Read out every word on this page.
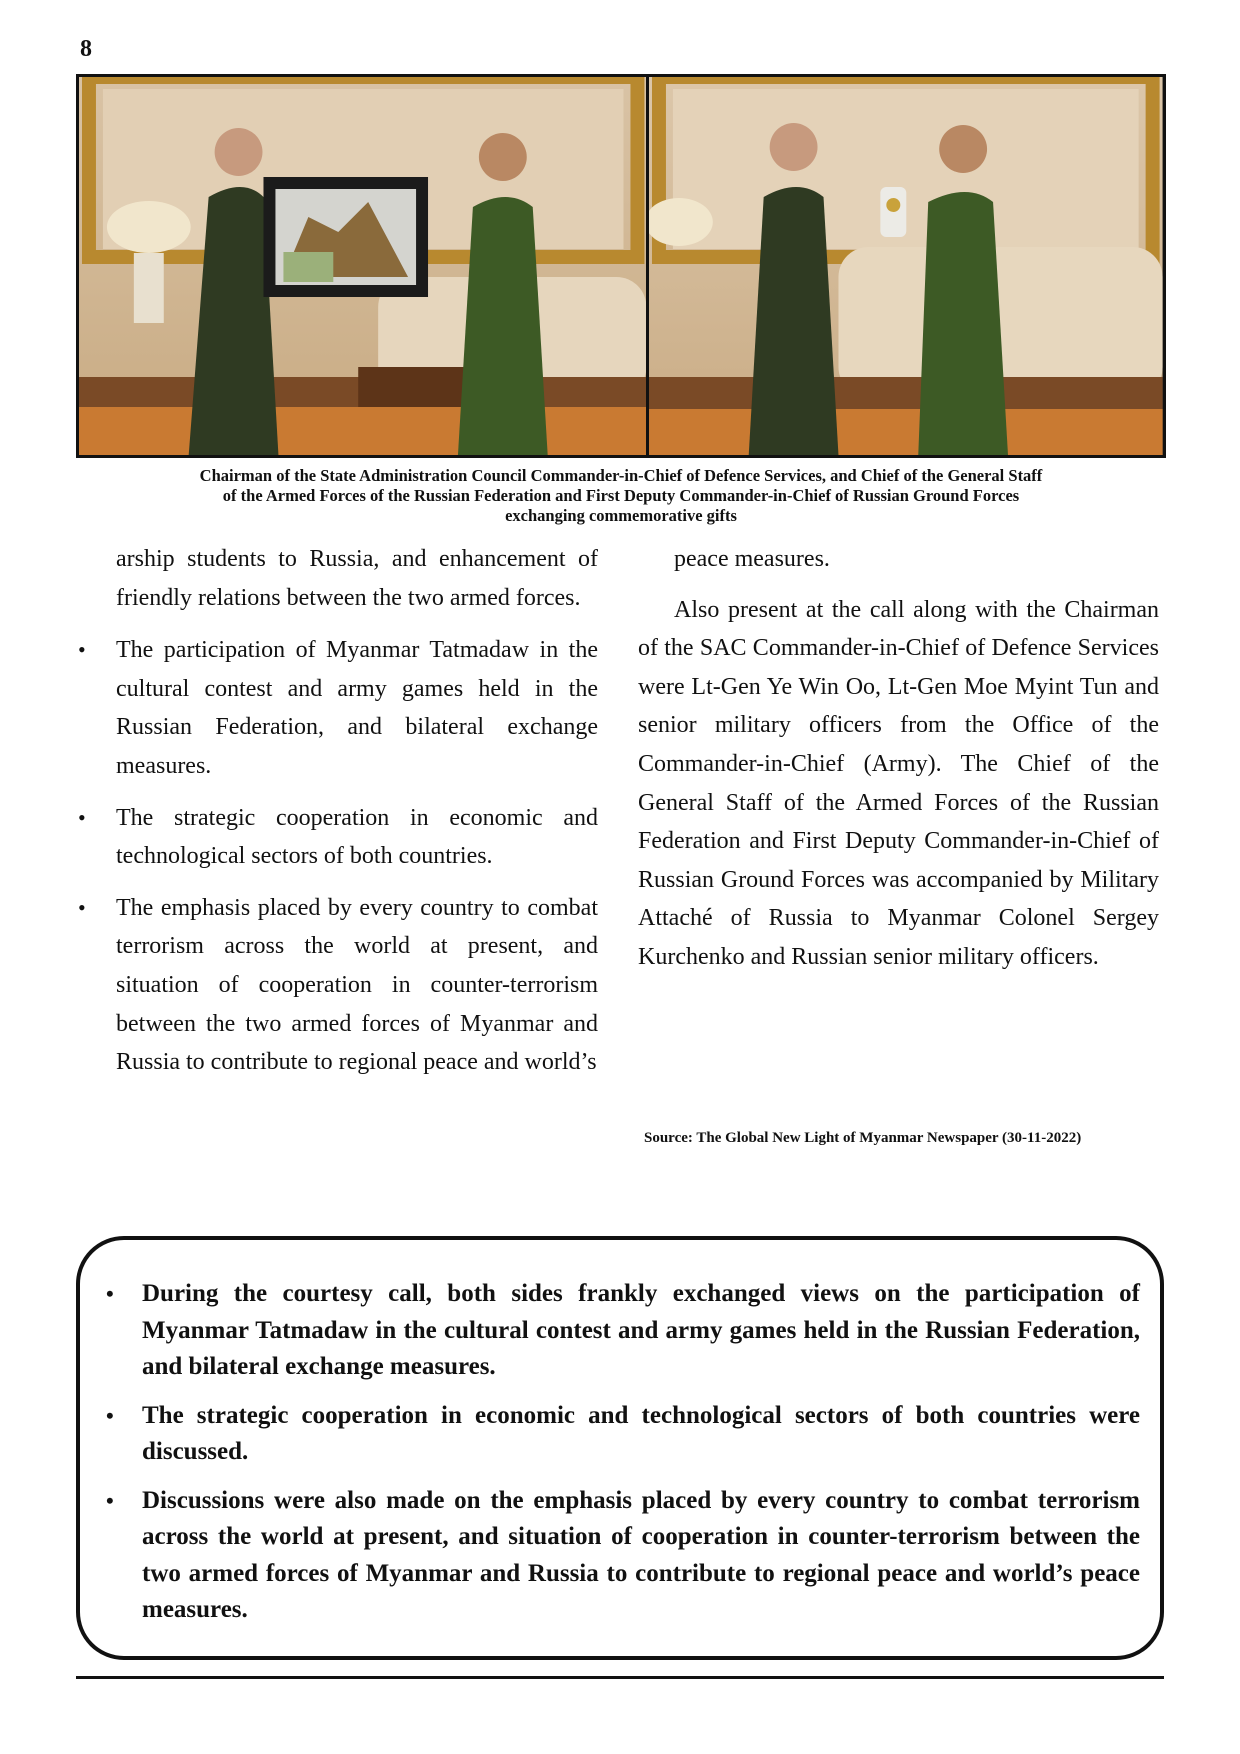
8
Chairman of the State Administration Council Commander-in-Chief of Defence Services, and Chief of the General Staff
of the Armed Forces of the Russian Federation and First Deputy Commander-in-Chief of Russian Ground Forces
exchanging commemorative gifts

arship students to Russia, and enhancement of friendly relations between the two armed forces.

• The participation of Myanmar Tatmadaw in the cultural contest and army games held in the Russian Federation, and bilateral exchange measures.
• The strategic cooperation in economic and technological sectors of both countries.
• The emphasis placed by every country to combat terrorism across the world at present, and situation of cooperation in counter-terrorism between the two armed forces of Myanmar and Russia to contribute to regional peace and world’s

peace measures.

Also present at the call along with the Chairman of the SAC Commander-in-Chief of Defence Services were Lt-Gen Ye Win Oo, Lt-Gen Moe Myint Tun and senior military officers from the Office of the Commander-in-Chief (Army). The Chief of the General Staff of the Armed Forces of the Russian Federation and First Deputy Commander-in-Chief of Russian Ground Forces was accompanied by Military Attaché of Russia to Myanmar Colonel Sergey Kurchenko and Russian senior military officers.

Source: The Global New Light of Myanmar Newspaper (30-11-2022)
• During the courtesy call, both sides frankly exchanged views on the participation of Myanmar Tatmadaw in the cultural contest and army games held in the Russian Federation, and bilateral exchange measures.
• The strategic cooperation in economic and technological sectors of both countries were discussed.
• Discussions were also made on the emphasis placed by every country to combat terrorism across the world at present, and situation of cooperation in counter-terrorism between the two armed forces of Myanmar and Russia to contribute to regional peace and world’s peace measures.
